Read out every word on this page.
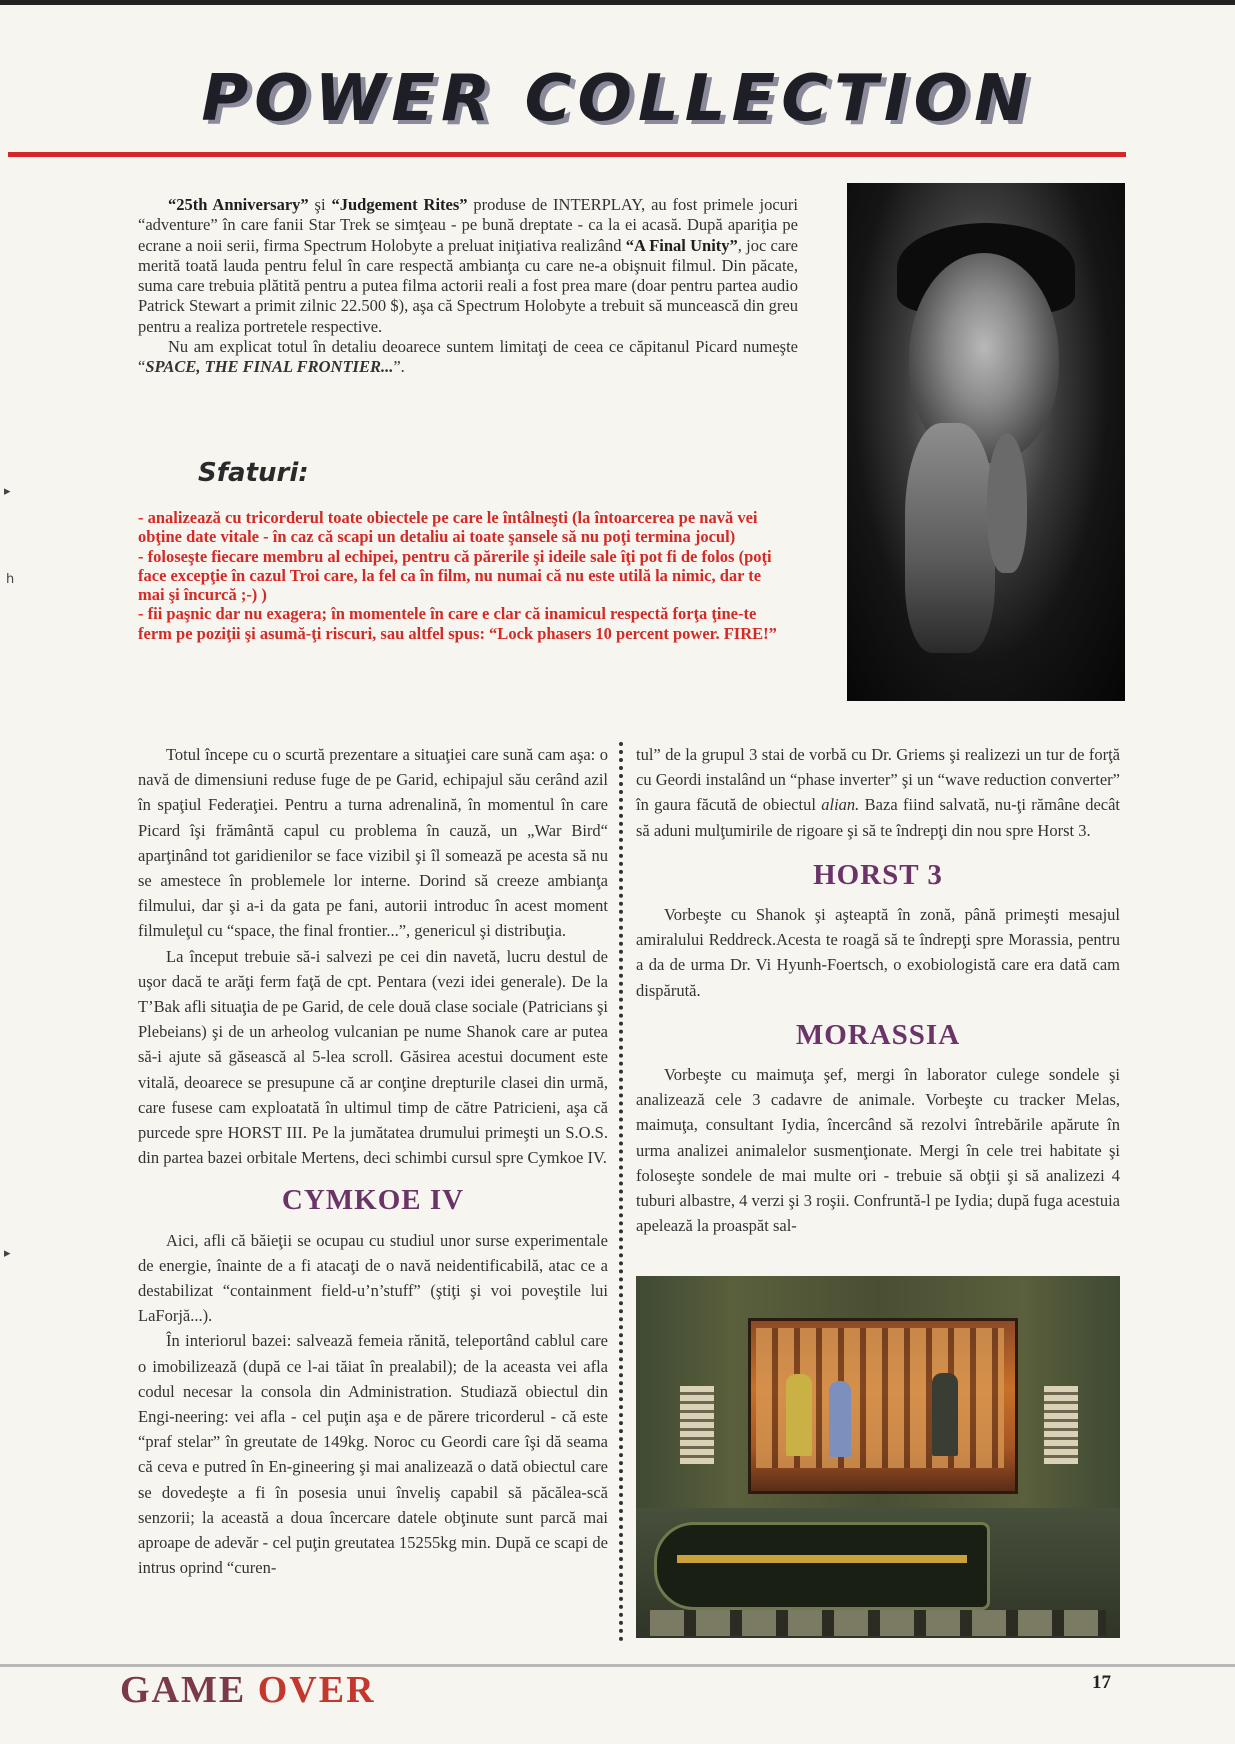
POWER COLLECTION

“25th Anniversary” şi “Judgement Rites” produse de INTERPLAY, au fost primele jocuri “adventure” în care fanii Star Trek se simţeau - pe bună dreptate - ca la ei acasă. După apariţia pe ecrane a noii serii, firma Spectrum Holobyte a preluat iniţiativa realizând “A Final Unity”, joc care merită toată lauda pentru felul în care respectă ambianţa cu care ne-a obişnuit filmul. Din păcate, suma care trebuia plătită pentru a putea filma actorii reali a fost prea mare (doar pentru partea audio Patrick Stewart a primit zilnic 22.500 $), aşa că Spectrum Holobyte a trebuit să muncească din greu pentru a realiza portretele respective.

Nu am explicat totul în detaliu deoarece suntem limitaţi de ceea ce căpitanul Picard numeşte “SPACE, THE FINAL FRONTIER...”.

Sfaturi:
- analizează cu tricorderul toate obiectele pe care le întâlneşti (la întoarcerea pe navă vei obţine date vitale - în caz că scapi un detaliu ai toate şansele să nu poţi termina jocul)
- foloseşte fiecare membru al echipei, pentru că părerile şi ideile sale îţi pot fi de folos (poţi face excepţie în cazul Troi care, la fel ca în film, nu numai că nu este utilă la nimic, dar te mai şi încurcă ;-) )
- fii paşnic dar nu exagera; în momentele în care e clar că inamicul respectă forţa ţine-te ferm pe poziţii şi asumă-ţi riscuri, sau altfel spus: “Lock phasers 10 percent power. FIRE!”
▸
h
▸

Totul începe cu o scurtă prezentare a situaţiei care sună cam aşa: o navă de dimensiuni reduse fuge de pe Garid, echipajul său cerând azil în spaţiul Federaţiei. Pentru a turna adrenalină, în momentul în care Picard îşi frământă capul cu problema în cauză, un „War Bird“ aparţinând tot garidienilor se face vizibil şi îl somează pe acesta să nu se amestece în problemele lor interne. Dorind să creeze ambianţa filmului, dar şi a-i da gata pe fani, autorii introduc în acest moment filmuleţul cu “space, the final frontier...”, genericul şi distribuţia.

La început trebuie să-i salvezi pe cei din navetă, lucru destul de uşor dacă te arăţi ferm faţă de cpt. Pentara (vezi idei generale). De la T’Bak afli situaţia de pe Garid, de cele două clase sociale (Patricians şi Plebeians) şi de un arheolog vulcanian pe nume Shanok care ar putea să-i ajute să găsească al 5-lea scroll. Găsirea acestui document este vitală, deoarece se presupune că ar conţine drepturile clasei din urmă, care fusese cam exploatată în ultimul timp de către Patricieni, aşa că purcede spre HORST III. Pe la jumătatea drumului primeşti un S.O.S. din partea bazei orbitale Mertens, deci schimbi cursul spre Cymkoe IV.

CYMKOE IV

Aici, afli că băieţii se ocupau cu studiul unor surse experimentale de energie, înainte de a fi atacaţi de o navă neidentificabilă, atac ce a destabilizat “containment field-u’n’stuff” (ştiţi şi voi poveştile lui LaForjă...).

În interiorul bazei: salvează femeia rănită, teleportând cablul care o imobilizează (după ce l-ai tăiat în prealabil); de la aceasta vei afla codul necesar la consola din Administration. Studiază obiectul din Engi-neering: vei afla - cel puţin aşa e de părere tricorderul - că este “praf stelar” în greutate de 149kg. Noroc cu Geordi care îşi dă seama că ceva e putred în En-gineering şi mai analizează o dată obiectul care se dovedeşte a fi în posesia unui înveliş capabil să păcălea-scă senzorii; la această a doua încercare datele obţinute sunt parcă mai aproape de adevăr - cel puţin greutatea 15255kg min. După ce scapi de intrus oprind “curen-

tul” de la grupul 3 stai de vorbă cu Dr. Griems şi realizezi un tur de forţă cu Geordi instalând un “phase inverter” şi un “wave reduction converter” în gaura făcută de obiectul alian. Baza fiind salvată, nu-ţi rămâne decât să aduni mulţumirile de rigoare şi să te îndrepţi din nou spre Horst 3.

HORST 3

Vorbeşte cu Shanok şi aşteaptă în zonă, până primeşti mesajul amiralului Reddreck.Acesta te roagă să te îndrepţi spre Morassia, pentru a da de urma Dr. Vi Hyunh-Foertsch, o exobiologistă care era dată cam dispărută.

MORASSIA

Vorbeşte cu maimuţa şef, mergi în laborator culege sondele şi analizează cele 3 cadavre de animale. Vorbeşte cu tracker Melas, maimuţa, consultant Iydia, încercând să rezolvi întrebările apărute în urma analizei animalelor susmenţionate. Mergi în cele trei habitate şi foloseşte sondele de mai multe ori - trebuie să obţii şi să analizezi 4 tuburi albastre, 4 verzi şi 3 roşii. Confruntă-l pe Iydia; după fuga acestuia apelează la proaspăt sal-

GAME OVER	17
